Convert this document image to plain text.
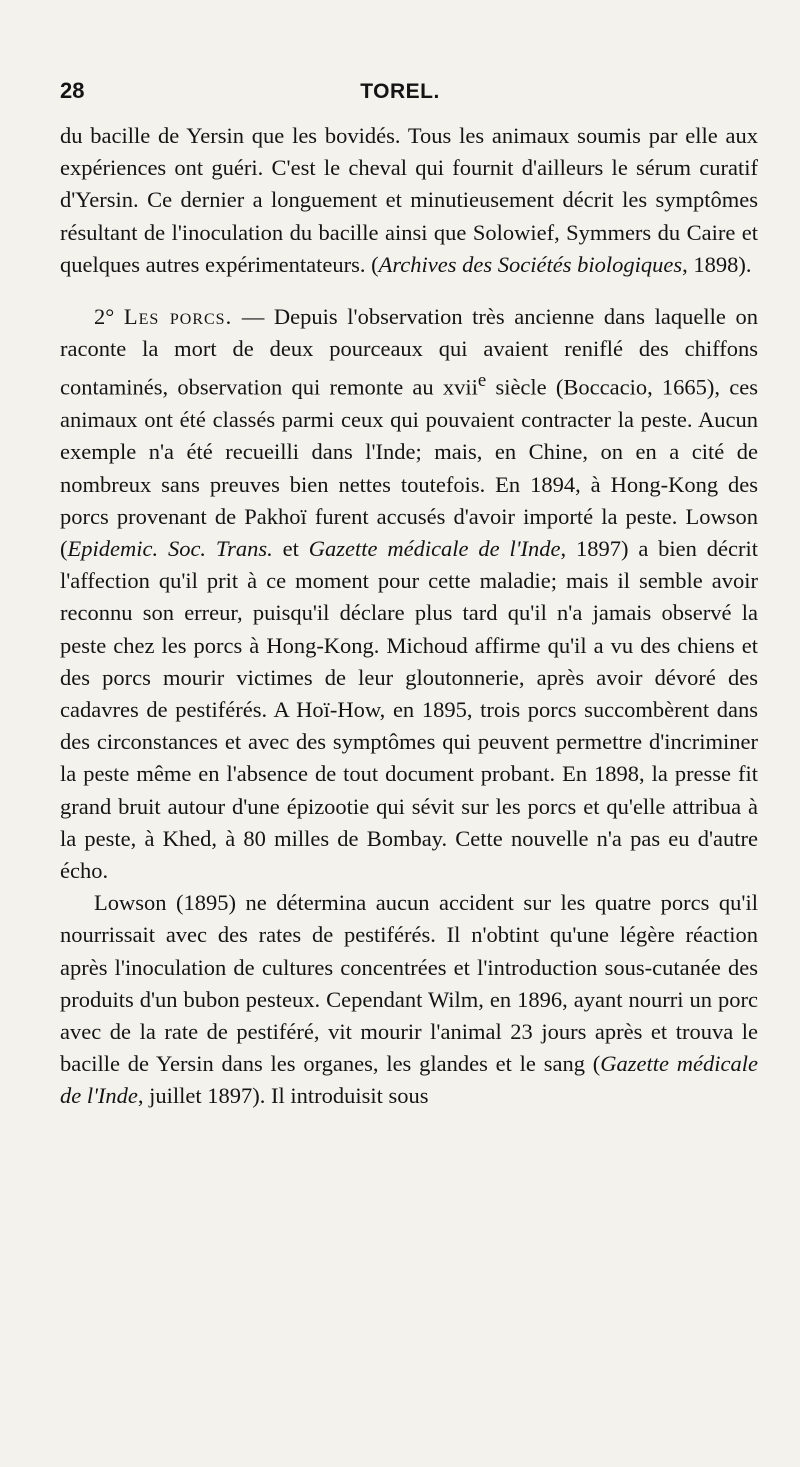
28	TOREL.

du bacille de Yersin que les bovidés. Tous les animaux soumis par elle aux expériences ont guéri. C'est le cheval qui fournit d'ailleurs le sérum curatif d'Yersin. Ce dernier a longuement et minutieusement décrit les symptômes résultant de l'inoculation du bacille ainsi que Solowief, Symmers du Caire et quelques autres expérimentateurs. (Archives des Sociétés biologiques, 1898).

2° Les porcs. — Depuis l'observation très ancienne dans laquelle on raconte la mort de deux pourceaux qui avaient reniflé des chiffons contaminés, observation qui remonte au xvii$^e$ siècle (Boccacio, 1665), ces animaux ont été classés parmi ceux qui pouvaient contracter la peste. Aucun exemple n'a été recueilli dans l'Inde; mais, en Chine, on en a cité de nombreux sans preuves bien nettes toutefois. En 1894, à Hong-Kong des porcs provenant de Pakhoï furent accusés d'avoir importé la peste. Lowson (Epidemic. Soc. Trans. et Gazette médicale de l'Inde, 1897) a bien décrit l'affection qu'il prit à ce moment pour cette maladie; mais il semble avoir reconnu son erreur, puisqu'il déclare plus tard qu'il n'a jamais observé la peste chez les porcs à Hong-Kong. Michoud affirme qu'il a vu des chiens et des porcs mourir victimes de leur gloutonnerie, après avoir dévoré des cadavres de pestiférés. A Hoï-How, en 1895, trois porcs succombèrent dans des circonstances et avec des symptômes qui peuvent permettre d'incriminer la peste même en l'absence de tout document probant. En 1898, la presse fit grand bruit autour d'une épizootie qui sévit sur les porcs et qu'elle attribua à la peste, à Khed, à 80 milles de Bombay. Cette nouvelle n'a pas eu d'autre écho.

Lowson (1895) ne détermina aucun accident sur les quatre porcs qu'il nourrissait avec des rates de pestiférés. Il n'obtint qu'une légère réaction après l'inoculation de cultures concentrées et l'introduction sous-cutanée des produits d'un bubon pesteux. Cependant Wilm, en 1896, ayant nourri un porc avec de la rate de pestiféré, vit mourir l'animal 23 jours après et trouva le bacille de Yersin dans les organes, les glandes et le sang (Gazette médicale de l'Inde, juillet 1897). Il introduisit sous
